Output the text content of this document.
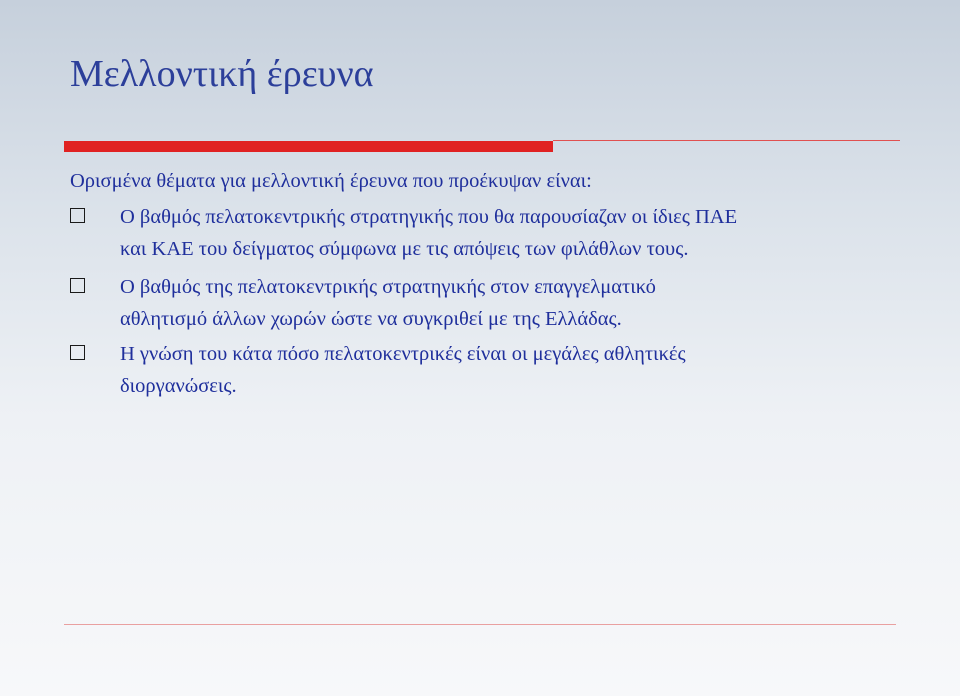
Μελλοντική έρευνα
Ορισμένα θέματα για μελλοντική έρευνα που προέκυψαν είναι:
Ο βαθμός πελατοκεντρικής στρατηγικής που θα παρουσίαζαν οι ίδιες ΠΑΕ
και ΚΑΕ του δείγματος σύμφωνα με τις απόψεις των φιλάθλων τους.
Ο βαθμός της πελατοκεντρικής στρατηγικής στον επαγγελματικό
αθλητισμό άλλων χωρών ώστε να συγκριθεί με της Ελλάδας.
Η γνώση του κάτα πόσο πελατοκεντρικές είναι οι μεγάλες αθλητικές
διοργανώσεις.
